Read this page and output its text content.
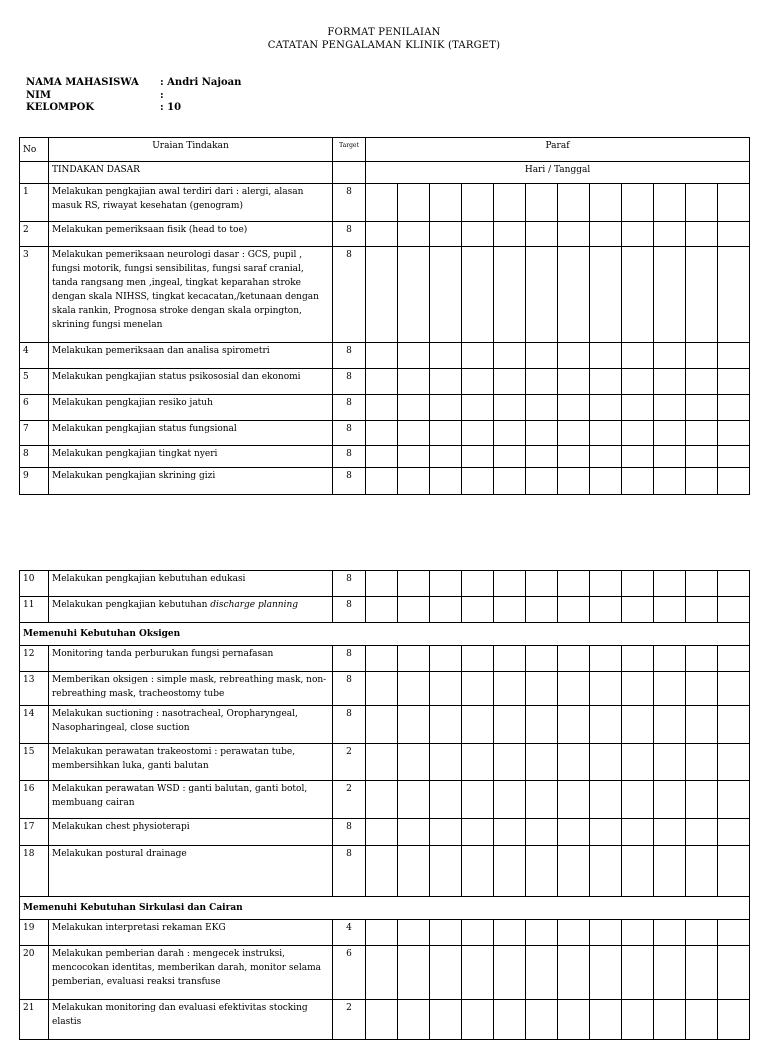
FORMAT PENILAIAN
CATATAN PENGALAMAN KLINIK (TARGET)
NAMA MAHASISWA	: Andri Najoan
NIM	:
KELOMPOK	: 10
No	Uraian Tindakan	Target	Paraf											
	TINDAKAN DASAR		Hari / Tanggal											
1	Melakukan pengkajian awal terdiri dari : alergi, alasan masuk RS, riwayat kesehatan (genogram)	8												
2	Melakukan pemeriksaan fisik (head to toe)	8												
3	Melakukan pemeriksaan neurologi dasar : GCS, pupil , fungsi motorik, fungsi sensibilitas, fungsi saraf cranial, tanda rangsang men ,ingeal, tingkat keparahan stroke dengan skala NIHSS, tingkat kecacatan,/ketunaan dengan skala rankin, Prognosa stroke dengan skala orpington, skrining fungsi menelan	8												
4	Melakukan pemeriksaan dan analisa spirometri	8												
5	Melakukan pengkajian status psikososial dan ekonomi	8												
6	Melakukan pengkajian resiko jatuh	8												
7	Melakukan pengkajian status fungsional	8												
8	Melakukan pengkajian tingkat nyeri	8												
9	Melakukan pengkajian skrining gizi	8												
10	Melakukan pengkajian kebutuhan edukasi	8												
11	Melakukan pengkajian kebutuhan discharge planning	8												
Memenuhi Kebutuhan Oksigen														
12	Monitoring tanda perburukan fungsi pernafasan	8												
13	Memberikan oksigen : simple mask, rebreathing mask, non-rebreathing mask, tracheostomy tube	8												
14	Melakukan suctioning : nasotracheal, Oropharyngeal, Nasopharingeal, close suction	8												
15	Melakukan perawatan trakeostomi : perawatan tube, membersihkan luka, ganti balutan	2												
16	Melakukan perawatan WSD : ganti balutan, ganti botol, membuang cairan	2												
17	Melakukan chest physioterapi	8												
18	Melakukan postural drainage	8												
Memenuhi Kebutuhan Sirkulasi dan Cairan														
19	Melakukan interpretasi rekaman EKG	4												
20	Melakukan pemberian darah : mengecek instruksi, mencocokan identitas, memberikan darah, monitor selama pemberian, evaluasi reaksi transfuse	6												
21	Melakukan monitoring dan evaluasi efektivitas stocking elastis	2												
